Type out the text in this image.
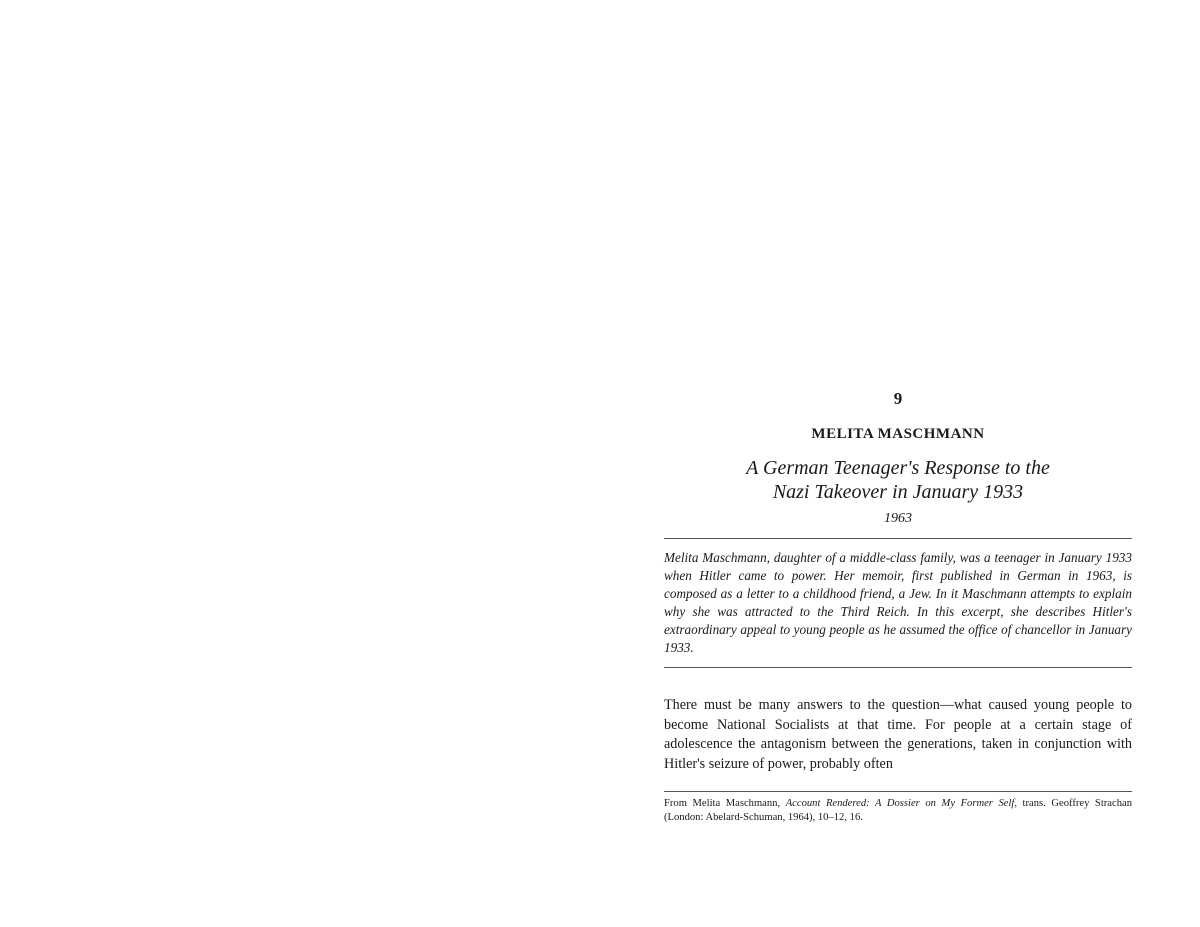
9
MELITA MASCHMANN
A German Teenager's Response to the
Nazi Takeover in January 1933
1963
Melita Maschmann, daughter of a middle-class family, was a teenager in January 1933 when Hitler came to power. Her memoir, first published in German in 1963, is composed as a letter to a childhood friend, a Jew. In it Maschmann attempts to explain why she was attracted to the Third Reich. In this excerpt, she describes Hitler's extraordinary appeal to young people as he assumed the office of chancellor in January 1933.
There must be many answers to the question—what caused young people to become National Socialists at that time. For people at a certain stage of adolescence the antagonism between the generations, taken in conjunction with Hitler's seizure of power, probably often
From Melita Maschmann, Account Rendered: A Dossier on My Former Self, trans. Geoffrey Strachan (London: Abelard-Schuman, 1964), 10–12, 16.
